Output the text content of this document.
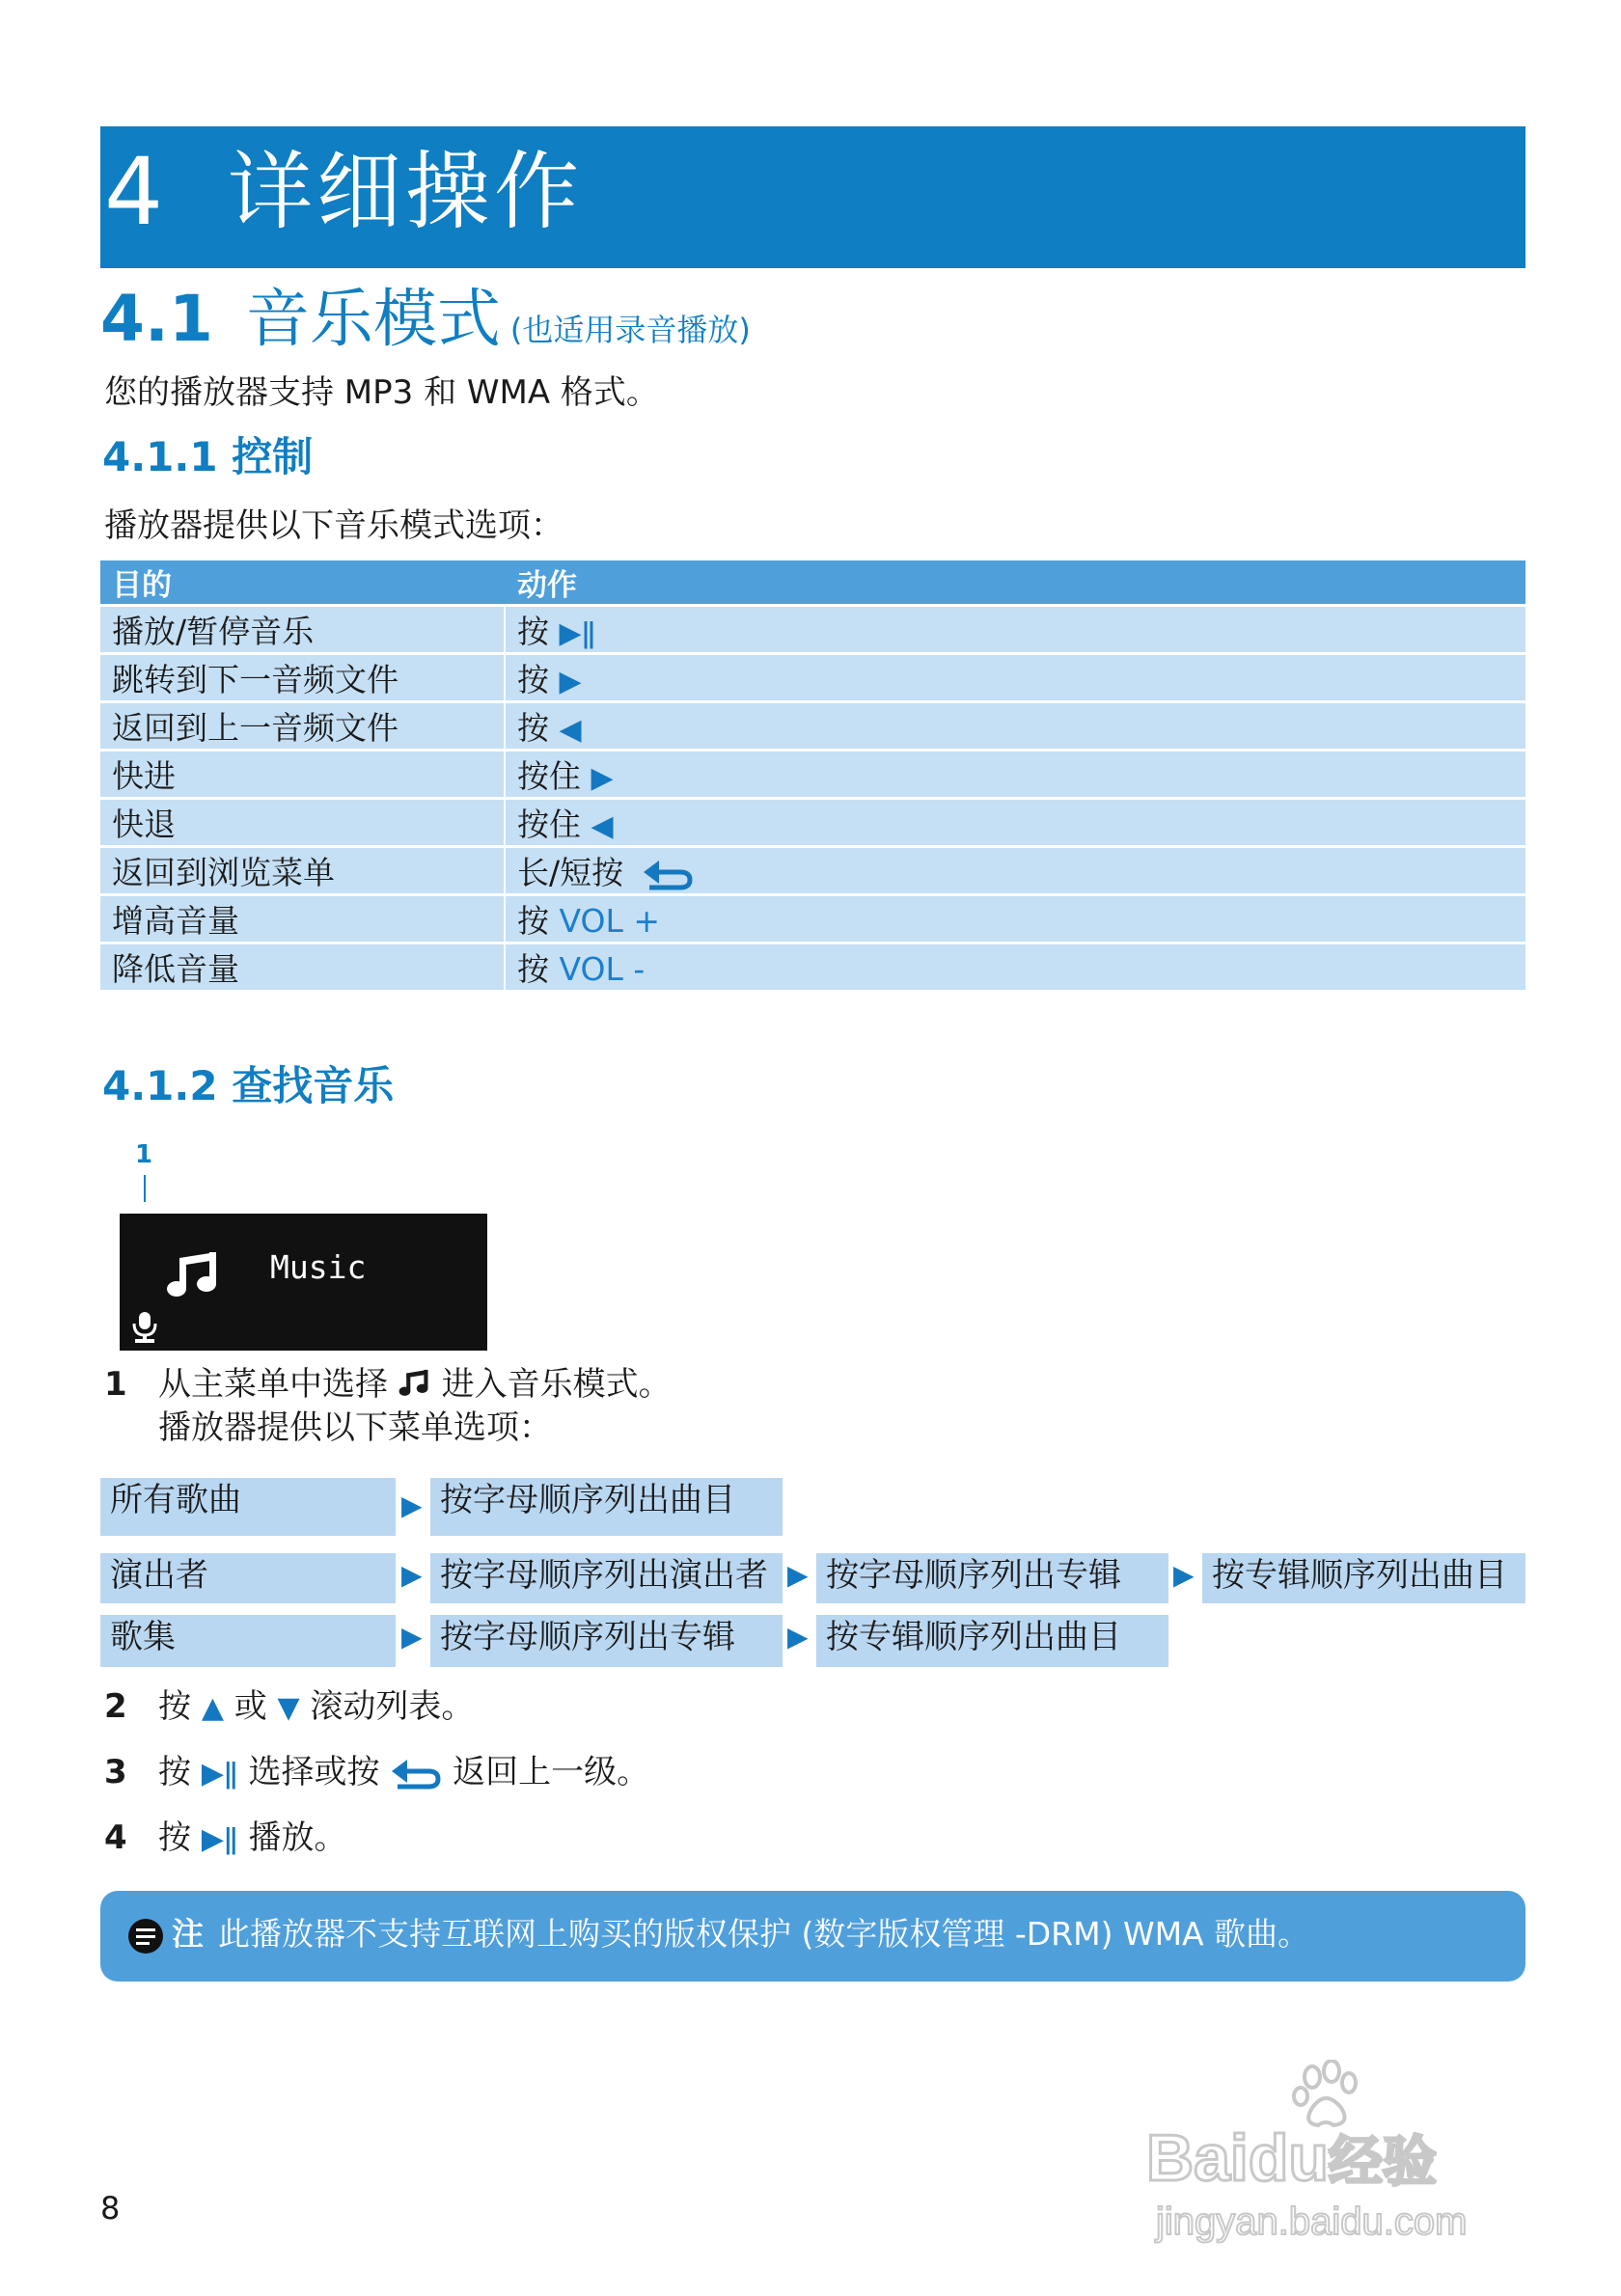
4 详细操作
4.1 音乐模式 (也适用录音播放)
您的播放器支持 MP3 和 WMA 格式。
4.1.1 控制
播放器提供以下音乐模式选项：
目的	动作
播放/暂停音乐	按 ▶ǁ
跳转到下一音频文件	按 ▶
返回到上一音频文件	按 ◀
快进	按住 ▶
快退	按住 ◀
返回到浏览菜单	长/短按
增高音量	按 VOL +
降低音量	按 VOL -
4.1.2 查找音乐
1
Music
1 从主菜单中选择 进入音乐模式。
播放器提供以下菜单选项：
所有歌曲	▶ 按字母顺序列出曲目
演出者	▶ 按字母顺序列出演出者 ▶ 按字母顺序列出专辑	▶ 按专辑顺序列出曲目
歌集	▶ 按字母顺序列出专辑	▶ 按专辑顺序列出曲目
2 按 ▲ 或 ▼ 滚动列表。
3 按 ▶ǁ 选择或按 返回上一级。
4 按 ▶ǁ 播放。
注 此播放器不支持互联网上购买的版权保护 (数字版权管理 -DRM) WMA 歌曲。
8
Baidu经验
jingyan.baidu.com
